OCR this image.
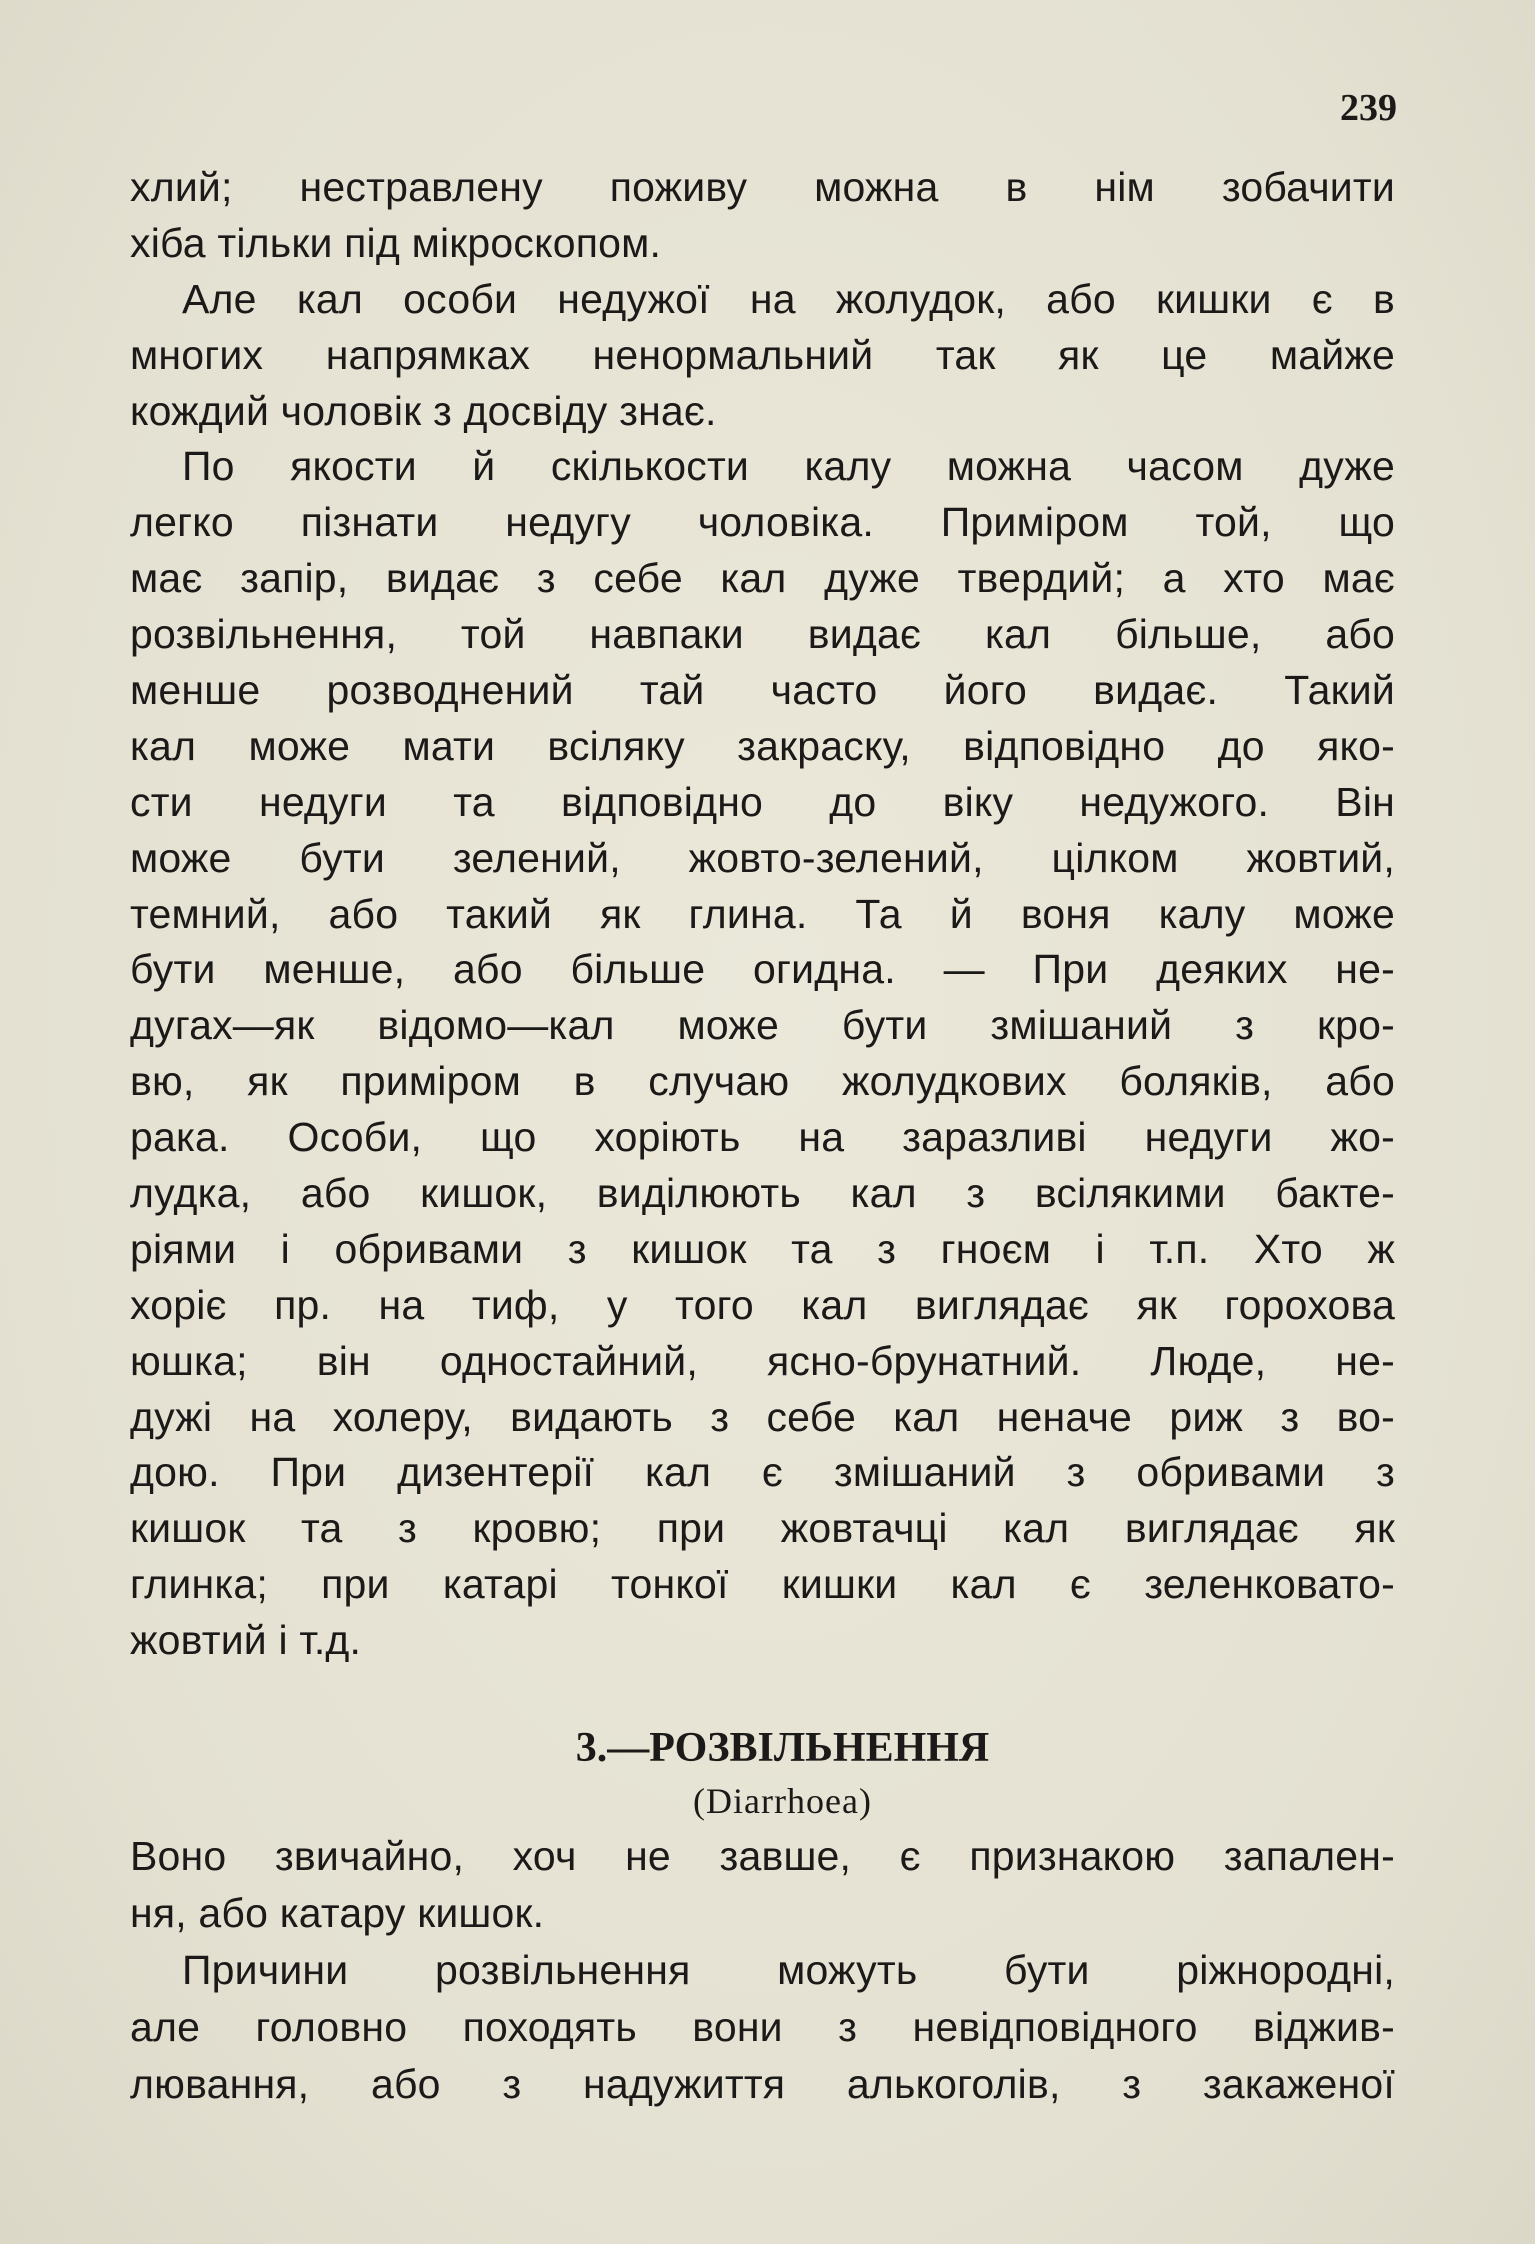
239
хлий; нестравлену поживу можна в нім зобачити
хіба тільки під мікроскопом.
Але кал особи недужої на жолудок, або кишки є в
многих напрямках ненормальний так як це майже
кождий чоловік з досвіду знає.
По якости й скількости калу можна часом дуже
легко пізнати недугу чоловіка. Приміром той, що
має запір, видає з себе кал дуже твердий; а хто має
розвільнення, той навпаки видає кал більше, або
менше розводнений тай часто його видає. Такий
кал може мати всіляку закраску, відповідно до яко-
сти недуги та відповідно до віку недужого. Він
може бути зелений, жовто-зелений, цілком жовтий,
темний, або такий як глина. Та й воня калу може
бути менше, або більше огидна. — При деяких не-
дугах—як відомо—кал може бути змішаний з кро-
вю, як приміром в случаю жолудкових боляків, або
рака. Особи, що хоріють на заразливі недуги жо-
лудка, або кишок, виділюють кал з всілякими бакте-
ріями і обривами з кишок та з гноєм і т.п. Хто ж
хоріє пр. на тиф, у того кал виглядає як горохова
юшка; він одностайний, ясно-брунатний. Люде, не-
дужі на холеру, видають з себе кал неначе риж з во-
дою. При дизентерії кал є змішаний з обривами з
кишок та з кровю; при жовтачці кал виглядає як
глинка; при катарі тонкої кишки кал є зеленковато-
жовтий і т.д.
3.—РОЗВІЛЬНЕННЯ
(Diarrhoea)
Воно звичайно, хоч не завше, є признакою запален-
ня, або катару кишок.
Причини розвільнення можуть бути ріжнородні,
але головно походять вони з невідповідного віджив-
лювання, або з надужиття алькоголів, з закаженої
